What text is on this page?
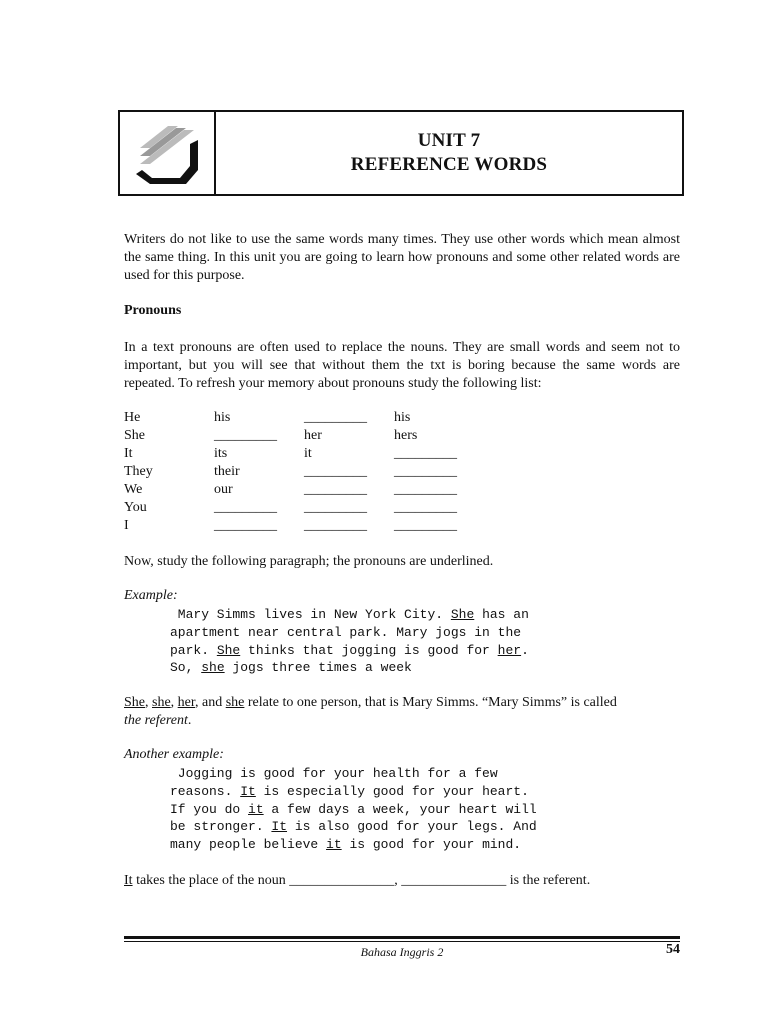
UNIT 7
REFERENCE WORDS

Writers do not like to use the same words many times. They use other words which mean almost the same thing. In this unit you are going to learn how pronouns and some other related words are used for this purpose.

Pronouns

In a text pronouns are often used to replace the nouns. They are small words and seem not to important, but you will see that without them the txt is boring because the same words are repeated. To refresh your memory about pronouns study the following list:

He	his	_________	his
She	_________	her	hers
It	its	it	_________
They	their	_________	_________
We	our	_________	_________
You	_________	_________	_________
I	_________	_________	_________

Now, study the following paragraph; the pronouns are underlined.

Example:

Mary Simms lives in New York City. She has an
apartment near central park. Mary jogs in the
park. She thinks that jogging is good for her.
So, she jogs three times a week

She, she, her, and she relate to one person, that is Mary Simms. “Mary Simms” is called
the referent.

Another example:

Jogging is good for your health for a few
reasons. It is especially good for your heart.
If you do it a few days a week, your heart will
be stronger. It is also good for your legs. And
many people believe it is good for your mind.

It takes the place of the noun _______________, _______________ is the referent.

Bahasa Inggris 2	54
